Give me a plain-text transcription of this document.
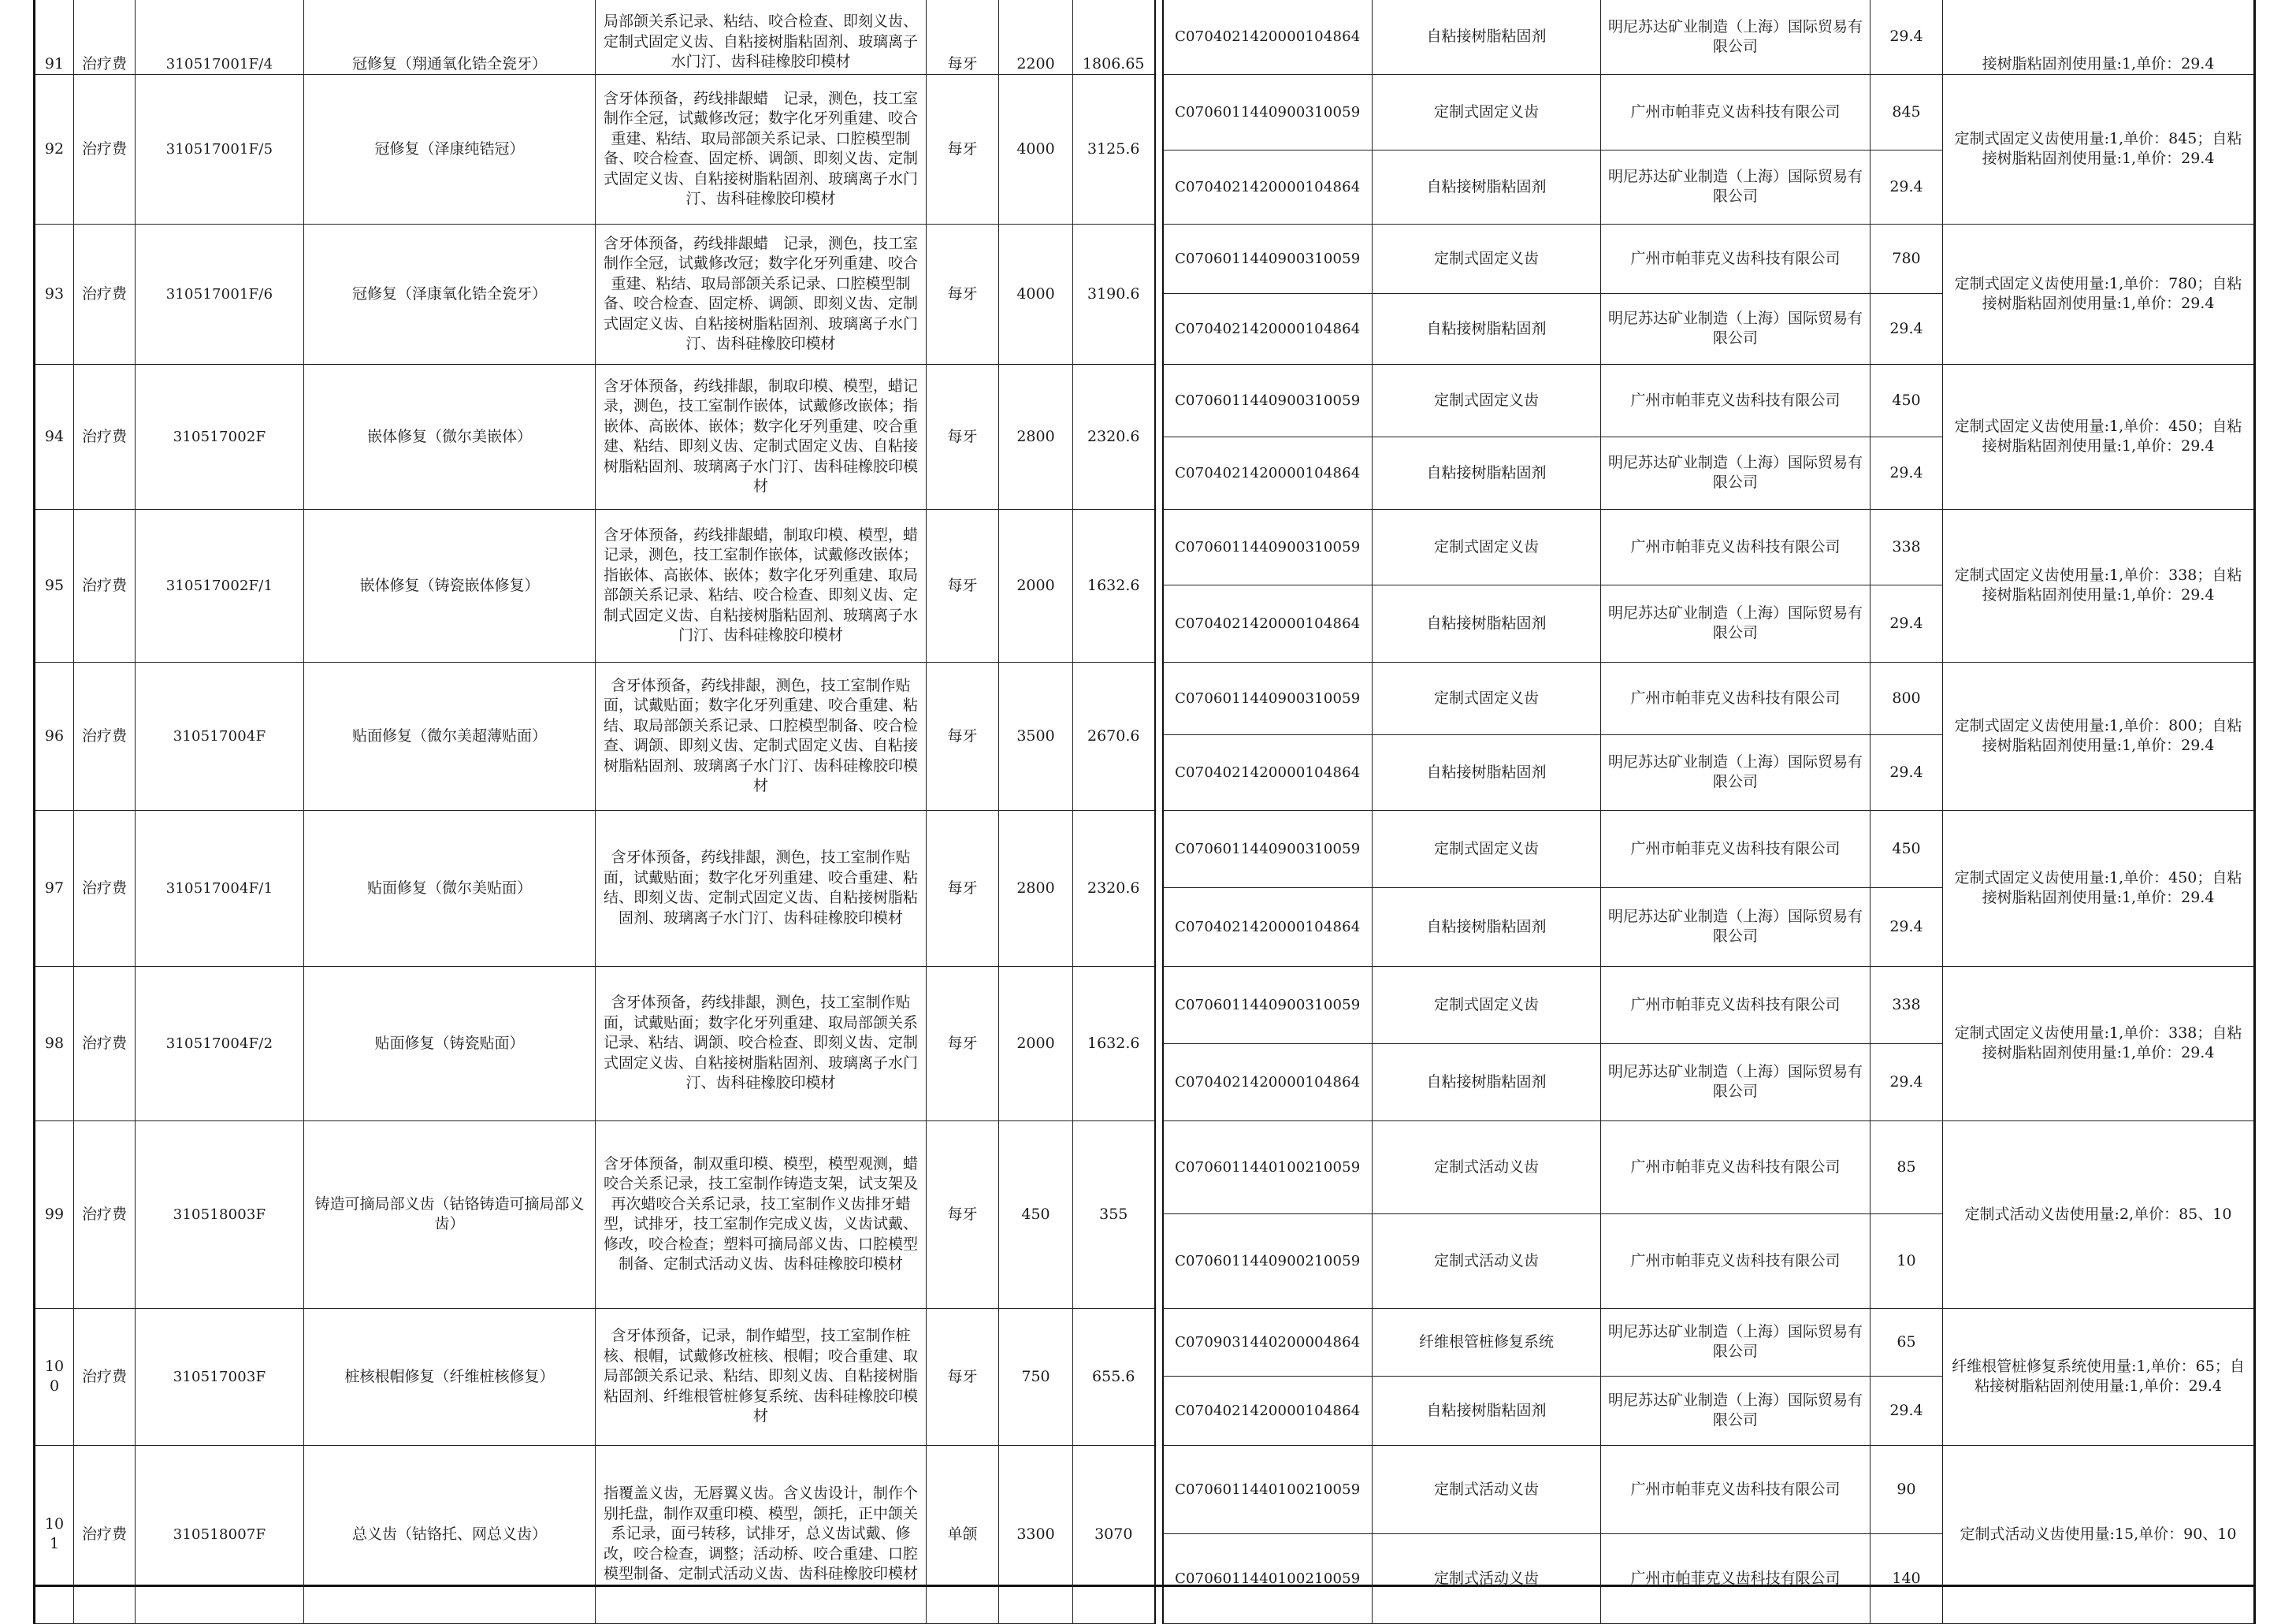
91	治疗费	310517001F/4	冠修复（翔通氧化锆全瓷牙）	局部颌关系记录、粘结、咬合检查、即刻义齿、定制式固定义齿、自粘接树脂粘固剂、玻璃离子水门汀、齿科硅橡胶印模材	每牙	2200	1806.65		C0704021420000104864	自粘接树脂粘固剂	明尼苏达矿业制造（上海）国际贸易有限公司	29.4	接树脂粘固剂使用量:1,单价：29.4
92	治疗费	310517001F/5	冠修复（泽康纯锆冠）	含牙体预备，药线排龈蜡　记录，测色，技工室制作全冠，试戴修改冠；数字化牙列重建、咬合重建、粘结、取局部颌关系记录、口腔模型制备、咬合检查、固定桥、调颌、即刻义齿、定制式固定义齿、自粘接树脂粘固剂、玻璃离子水门汀、齿科硅橡胶印模材	每牙	4000	3125.6		C0706011440900310059	定制式固定义齿	广州市帕菲克义齿科技有限公司	845	定制式固定义齿使用量:1,单价：845；自粘接树脂粘固剂使用量:1,单价：29.4
									C0704021420000104864	自粘接树脂粘固剂	明尼苏达矿业制造（上海）国际贸易有限公司	29.4	
93	治疗费	310517001F/6	冠修复（泽康氧化锆全瓷牙）	含牙体预备，药线排龈蜡　记录，测色，技工室制作全冠，试戴修改冠；数字化牙列重建、咬合重建、粘结、取局部颌关系记录、口腔模型制备、咬合检查、固定桥、调颌、即刻义齿、定制式固定义齿、自粘接树脂粘固剂、玻璃离子水门汀、齿科硅橡胶印模材	每牙	4000	3190.6		C0706011440900310059	定制式固定义齿	广州市帕菲克义齿科技有限公司	780	定制式固定义齿使用量:1,单价：780；自粘接树脂粘固剂使用量:1,单价：29.4
									C0704021420000104864	自粘接树脂粘固剂	明尼苏达矿业制造（上海）国际贸易有限公司	29.4	
94	治疗费	310517002F	嵌体修复（微尔美嵌体）	含牙体预备，药线排龈，制取印模、模型，蜡记录，测色，技工室制作嵌体，试戴修改嵌体；指嵌体、高嵌体、嵌体；数字化牙列重建、咬合重建、粘结、即刻义齿、定制式固定义齿、自粘接树脂粘固剂、玻璃离子水门汀、齿科硅橡胶印模材	每牙	2800	2320.6		C0706011440900310059	定制式固定义齿	广州市帕菲克义齿科技有限公司	450	定制式固定义齿使用量:1,单价：450；自粘接树脂粘固剂使用量:1,单价：29.4
									C0704021420000104864	自粘接树脂粘固剂	明尼苏达矿业制造（上海）国际贸易有限公司	29.4	
95	治疗费	310517002F/1	嵌体修复（铸瓷嵌体修复）	含牙体预备，药线排龈蜡，制取印模、模型，蜡记录，测色，技工室制作嵌体，试戴修改嵌体；指嵌体、高嵌体、嵌体；数字化牙列重建、取局部颌关系记录、粘结、咬合检查、即刻义齿、定制式固定义齿、自粘接树脂粘固剂、玻璃离子水门汀、齿科硅橡胶印模材	每牙	2000	1632.6		C0706011440900310059	定制式固定义齿	广州市帕菲克义齿科技有限公司	338	定制式固定义齿使用量:1,单价：338；自粘接树脂粘固剂使用量:1,单价：29.4
									C0704021420000104864	自粘接树脂粘固剂	明尼苏达矿业制造（上海）国际贸易有限公司	29.4	
96	治疗费	310517004F	贴面修复（微尔美超薄贴面）	含牙体预备，药线排龈，测色，技工室制作贴面，试戴贴面；数字化牙列重建、咬合重建、粘结、取局部颌关系记录、口腔模型制备、咬合检查、调颌、即刻义齿、定制式固定义齿、自粘接树脂粘固剂、玻璃离子水门汀、齿科硅橡胶印模材	每牙	3500	2670.6		C0706011440900310059	定制式固定义齿	广州市帕菲克义齿科技有限公司	800	定制式固定义齿使用量:1,单价：800；自粘接树脂粘固剂使用量:1,单价：29.4
									C0704021420000104864	自粘接树脂粘固剂	明尼苏达矿业制造（上海）国际贸易有限公司	29.4	
97	治疗费	310517004F/1	贴面修复（微尔美贴面）	含牙体预备，药线排龈，测色，技工室制作贴面，试戴贴面；数字化牙列重建、咬合重建、粘结、即刻义齿、定制式固定义齿、自粘接树脂粘固剂、玻璃离子水门汀、齿科硅橡胶印模材	每牙	2800	2320.6		C0706011440900310059	定制式固定义齿	广州市帕菲克义齿科技有限公司	450	定制式固定义齿使用量:1,单价：450；自粘接树脂粘固剂使用量:1,单价：29.4
									C0704021420000104864	自粘接树脂粘固剂	明尼苏达矿业制造（上海）国际贸易有限公司	29.4	
98	治疗费	310517004F/2	贴面修复（铸瓷贴面）	含牙体预备，药线排龈，测色，技工室制作贴面，试戴贴面；数字化牙列重建、取局部颌关系记录、粘结、调颌、咬合检查、即刻义齿、定制式固定义齿、自粘接树脂粘固剂、玻璃离子水门汀、齿科硅橡胶印模材	每牙	2000	1632.6		C0706011440900310059	定制式固定义齿	广州市帕菲克义齿科技有限公司	338	定制式固定义齿使用量:1,单价：338；自粘接树脂粘固剂使用量:1,单价：29.4
									C0704021420000104864	自粘接树脂粘固剂	明尼苏达矿业制造（上海）国际贸易有限公司	29.4	
99	治疗费	310518003F	铸造可摘局部义齿（钴铬铸造可摘局部义齿）	含牙体预备，制双重印模、模型，模型观测，蜡咬合关系记录，技工室制作铸造支架，试支架及再次蜡咬合关系记录，技工室制作义齿排牙蜡型，试排牙，技工室制作完成义齿，义齿试戴、修改，咬合检查；塑料可摘局部义齿、口腔模型制备、定制式活动义齿、齿科硅橡胶印模材	每牙	450	355		C0706011440100210059	定制式活动义齿	广州市帕菲克义齿科技有限公司	85	定制式活动义齿使用量:2,单价：85、10
									C0706011440900210059	定制式活动义齿	广州市帕菲克义齿科技有限公司	10	
100	治疗费	310517003F	桩核根帽修复（纤维桩核修复）	含牙体预备，记录，制作蜡型，技工室制作桩核、根帽，试戴修改桩核、根帽；咬合重建、取局部颌关系记录、粘结、即刻义齿、自粘接树脂粘固剂、纤维根管桩修复系统、齿科硅橡胶印模材	每牙	750	655.6		C0709031440200004864	纤维根管桩修复系统	明尼苏达矿业制造（上海）国际贸易有限公司	65	纤维根管桩修复系统使用量:1,单价：65；自粘接树脂粘固剂使用量:1,单价：29.4
									C0704021420000104864	自粘接树脂粘固剂	明尼苏达矿业制造（上海）国际贸易有限公司	29.4	
101	治疗费	310518007F	总义齿（钴铬托、网总义齿）	指覆盖义齿，无唇翼义齿。含义齿设计，制作个别托盘，制作双重印模、模型，颌托，正中颌关系记录，面弓转移，试排牙，总义齿试戴、修改，咬合检查，调整；活动桥、咬合重建、口腔模型制备、定制式活动义齿、齿科硅橡胶印模材	单颌	3300	3070		C0706011440100210059	定制式活动义齿	广州市帕菲克义齿科技有限公司	90	定制式活动义齿使用量:15,单价：90、10
									C0706011440100210059	定制式活动义齿	广州市帕菲克义齿科技有限公司	140	
